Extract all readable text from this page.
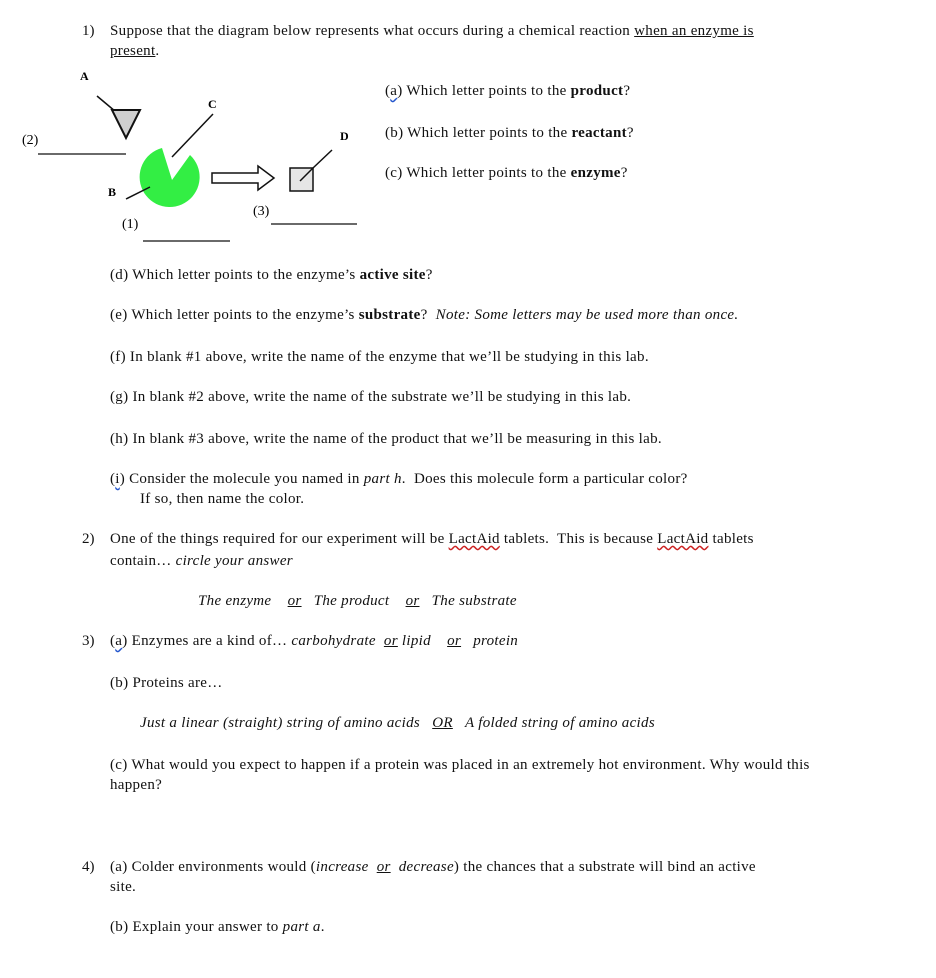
1) Suppose that the diagram below represents what occurs during a chemical reaction when an enzyme is
present.
A
C
(2)
B
(1)
(3)
D
(a) Which letter points to the product?
(b) Which letter points to the reactant?
(c) Which letter points to the enzyme?
(d) Which letter points to the enzyme’s active site?
(e) Which letter points to the enzyme’s substrate?  Note: Some letters may be used more than once.
(f) In blank #1 above, write the name of the enzyme that we’ll be studying in this lab.
(g) In blank #2 above, write the name of the substrate we’ll be studying in this lab.
(h) In blank #3 above, write the name of the product that we’ll be measuring in this lab.
(i) Consider the molecule you named in part h.  Does this molecule form a particular color?
If so, then name the color.
2) One of the things required for our experiment will be LactAid tablets.  This is because LactAid tablets
contain… circle your answer
The enzyme or The product or The substrate
3) (a) Enzymes are a kind of… carbohydrate or lipid or protein
(b) Proteins are…
Just a linear (straight) string of amino acids OR A folded string of amino acids
(c) What would you expect to happen if a protein was placed in an extremely hot environment. Why would this happen?
4) (a) Colder environments would (increase or decrease) the chances that a substrate will bind an active
site.
(b) Explain your answer to part a.
